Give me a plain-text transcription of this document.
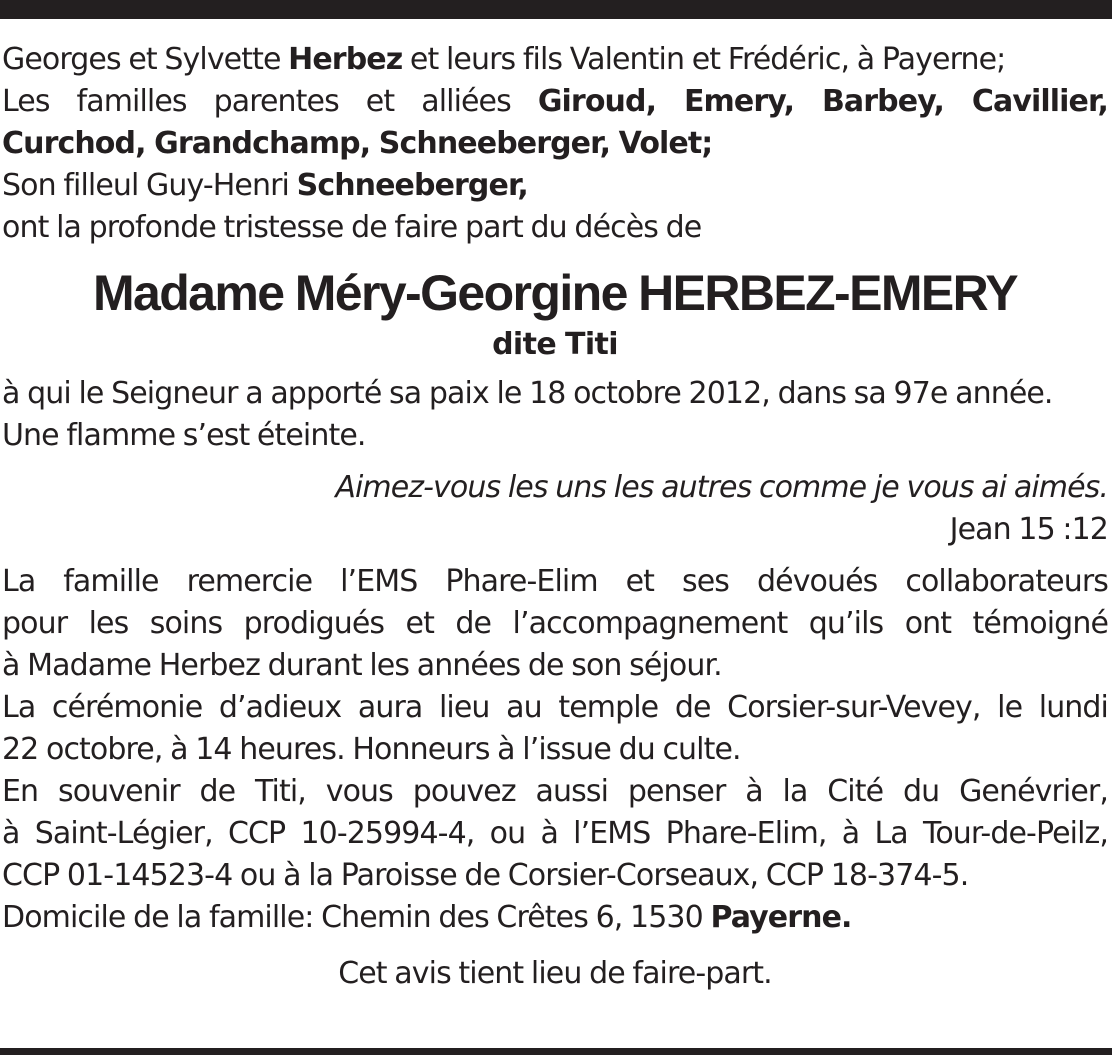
Georges et Sylvette Herbez et leurs fils Valentin et Frédéric, à Payerne;
Les familles parentes et alliées Giroud, Emery, Barbey, Cavillier,
Curchod, Grandchamp, Schneeberger, Volet;
Son filleul Guy-Henri Schneeberger,
ont la profonde tristesse de faire part du décès de
Madame Méry-Georgine HERBEZ-EMERY
dite Titi
à qui le Seigneur a apporté sa paix le 18 octobre 2012, dans sa 97e année.
Une flamme s’est éteinte.
Aimez-vous les uns les autres comme je vous ai aimés.
Jean 15 :12
La famille remercie l’EMS Phare-Elim et ses dévoués collaborateurs
pour les soins prodigués et de l’accompagnement qu’ils ont témoigné
à Madame Herbez durant les années de son séjour.
La cérémonie d’adieux aura lieu au temple de Corsier-sur-Vevey, le lundi
22 octobre, à 14 heures. Honneurs à l’issue du culte.
En souvenir de Titi, vous pouvez aussi penser à la Cité du Genévrier,
à Saint-Légier, CCP 10-25994-4, ou à l’EMS Phare-Elim, à La Tour-de-Peilz,
CCP 01-14523-4 ou à la Paroisse de Corsier-Corseaux, CCP 18-374-5.
Domicile de la famille: Chemin des Crêtes 6, 1530 Payerne.
Cet avis tient lieu de faire-part.
